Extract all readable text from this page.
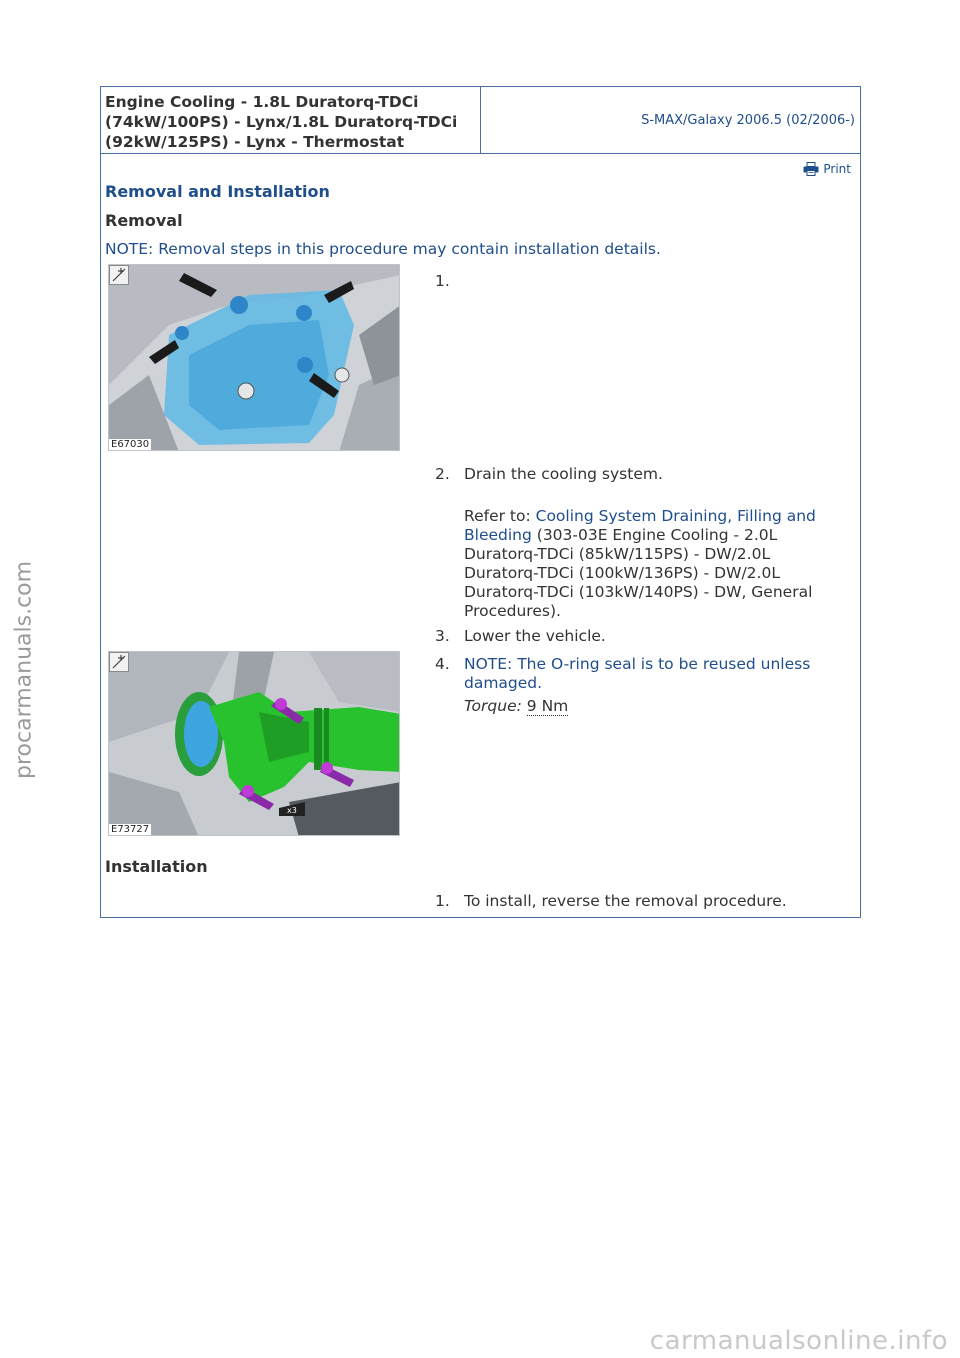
procarmanuals.com
Engine Cooling - 1.8L Duratorq-TDCi (74kW/100PS) - Lynx/1.8L Duratorq-TDCi (92kW/125PS) - Lynx - Thermostat
S-MAX/Galaxy 2006.5 (02/2006-)
Print
Removal and Installation
Removal
NOTE: Removal steps in this procedure may contain installation details.
E67030
1.
2. Drain the cooling system.
Refer to: Cooling System Draining, Filling and Bleeding (303-03E Engine Cooling - 2.0L Duratorq-TDCi (85kW/115PS) - DW/2.0L Duratorq-TDCi (100kW/136PS) - DW/2.0L Duratorq-TDCi (103kW/140PS) - DW, General Procedures).
3. Lower the vehicle.
x3
E73727
4. NOTE: The O-ring seal is to be reused unless damaged.
Torque: 9 Nm
Installation
1. To install, reverse the removal procedure.
carmanualsonline.info
